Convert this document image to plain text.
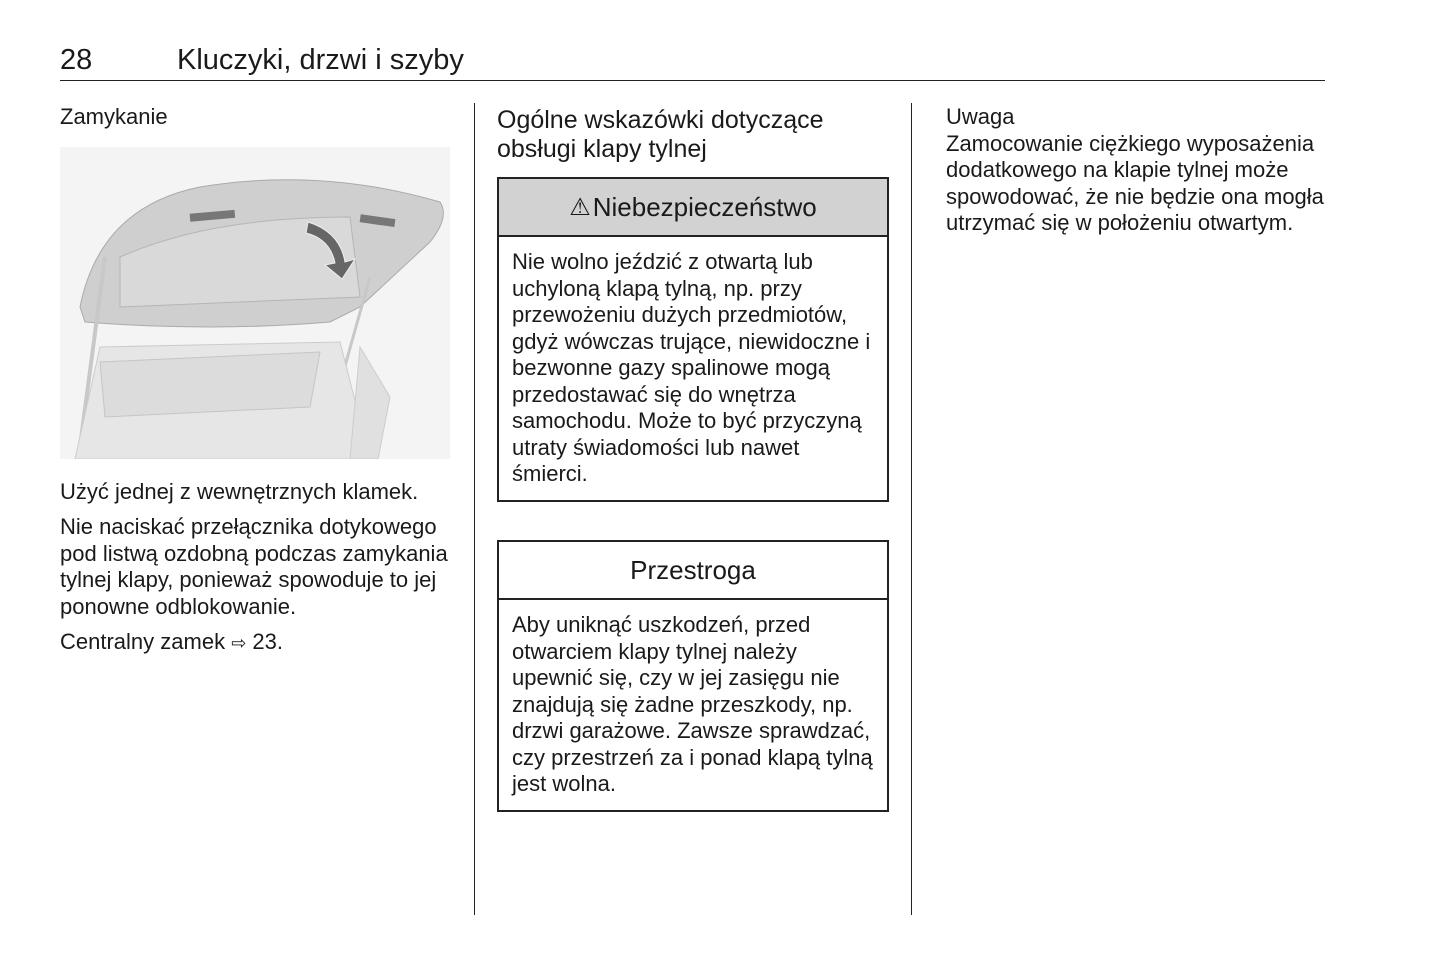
28	Kluczyki, drzwi i szyby
Zamykanie

Użyć jednej z wewnętrznych klamek.

Nie naciskać przełącznika dotykowego pod listwą ozdobną podczas zamykania tylnej klapy, ponieważ spowoduje to jej ponowne odblokowanie.

Centralny zamek ⇨ 23.

Ogólne wskazówki dotyczące obsługi klapy tylnej
⚠ Niebezpieczeństwo
Nie wolno jeździć z otwartą lub uchyloną klapą tylną, np. przy przewożeniu dużych przedmiotów, gdyż wówczas trujące, niewidoczne i bezwonne gazy spalinowe mogą przedostawać się do wnętrza samochodu. Może to być przyczyną utraty świadomości lub nawet śmierci.
Przestroga
Aby uniknąć uszkodzeń, przed otwarciem klapy tylnej należy upewnić się, czy w jej zasięgu nie znajdują się żadne przeszkody, np. drzwi garażowe. Zawsze sprawdzać, czy przestrzeń za i ponad klapą tylną jest wolna.
Uwaga
Zamocowanie ciężkiego wyposażenia dodatkowego na klapie tylnej może spowodować, że nie będzie ona mogła utrzymać się w położeniu otwartym.
